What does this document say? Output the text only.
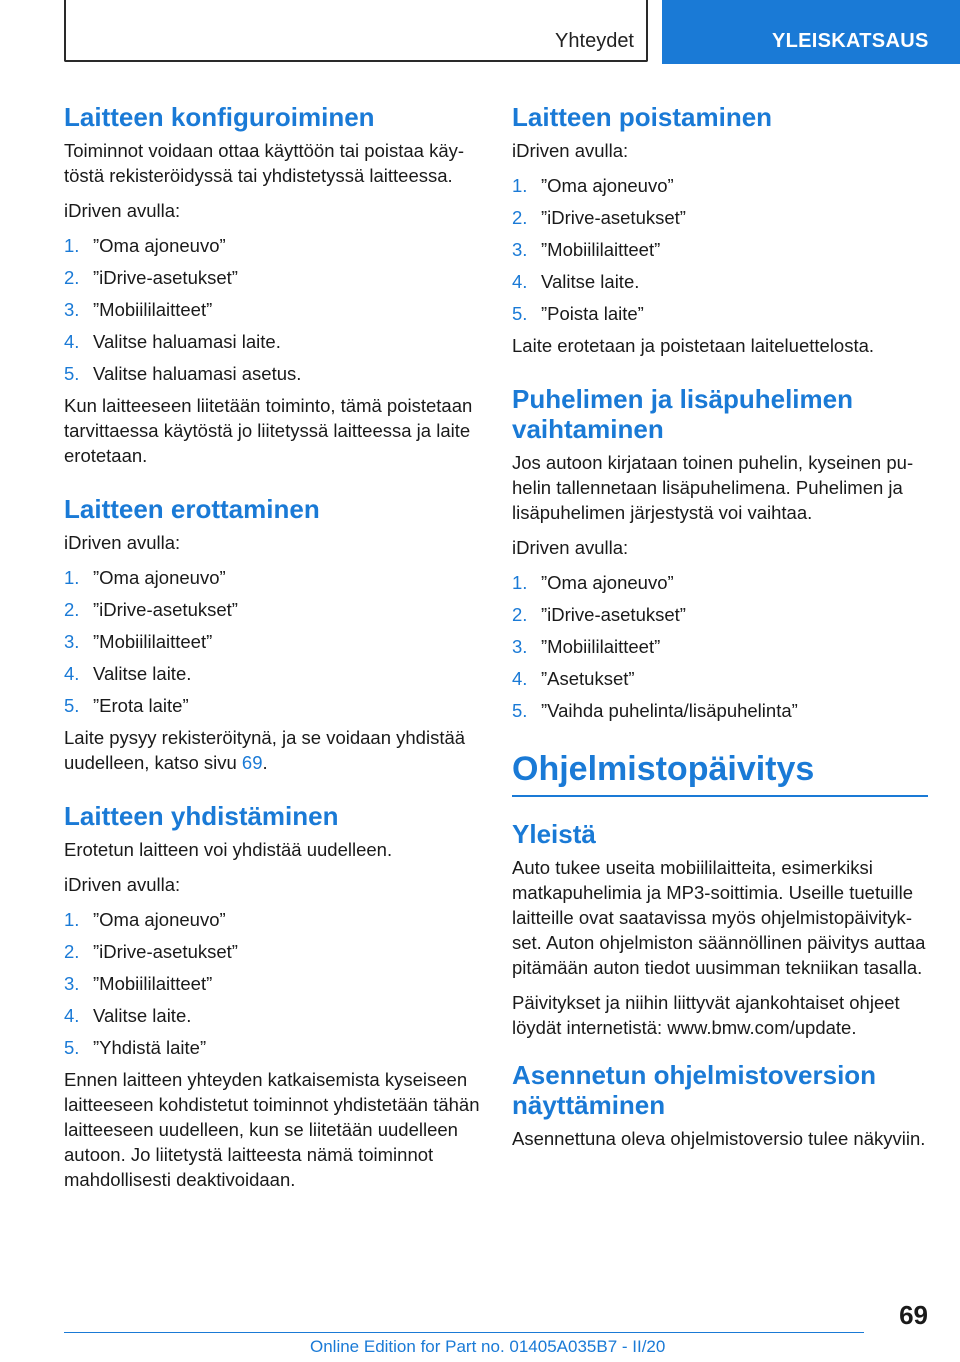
Yhteydet	YLEISKATSAUS
Laitteen konfiguroiminen

Toiminnot voidaan ottaa käyttöön tai poistaa käytöstä rekisteröidyssä tai yhdistetyssä laitteessa.

iDriven avulla:

1. ”Oma ajoneuvo”
2. ”iDrive-asetukset”
3. ”Mobiililaitteet”
4. Valitse haluamasi laite.
5. Valitse haluamasi asetus.

Kun laitteeseen liitetään toiminto, tämä poistetaan tarvittaessa käytöstä jo liitetyssä laitteessa ja laite erotetaan.

Laitteen erottaminen

iDriven avulla:

1. ”Oma ajoneuvo”
2. ”iDrive-asetukset”
3. ”Mobiililaitteet”
4. Valitse laite.
5. ”Erota laite”

Laite pysyy rekisteröitynä, ja se voidaan yhdistää uudelleen, katso sivu 69.

Laitteen yhdistäminen

Erotetun laitteen voi yhdistää uudelleen.

iDriven avulla:

1. ”Oma ajoneuvo”
2. ”iDrive-asetukset”
3. ”Mobiililaitteet”
4. Valitse laite.
5. ”Yhdistä laite”

Ennen laitteen yhteyden katkaisemista kyseiseen laitteeseen kohdistetut toiminnot yhdistetään tähän laitteeseen uudelleen, kun se liitetään uudelleen autoon. Jo liitetystä laitteesta nämä toiminnot mahdollisesti deaktivoidaan.

Laitteen poistaminen

iDriven avulla:

1. ”Oma ajoneuvo”
2. ”iDrive-asetukset”
3. ”Mobiililaitteet”
4. Valitse laite.
5. ”Poista laite”

Laite erotetaan ja poistetaan laiteluettelosta.

Puhelimen ja lisäpuhelimen vaihtaminen

Jos autoon kirjataan toinen puhelin, kyseinen puhelin tallennetaan lisäpuhelimena. Puhelimen ja lisäpuhelimen järjestystä voi vaihtaa.

iDriven avulla:

1. ”Oma ajoneuvo”
2. ”iDrive-asetukset”
3. ”Mobiililaitteet”
4. ”Asetukset”
5. ”Vaihda puhelinta/lisäpuhelinta”
Ohjelmistopäivitys
Yleistä

Auto tukee useita mobiililaitteita, esimerkiksi matkapuhelimia ja MP3-soittimia. Useille tuetuille laitteille ovat saatavissa myös ohjelmistopäivitykset. Auton ohjelmiston säännöllinen päivitys auttaa pitämään auton tiedot uusimman tekniikan tasalla.

Päivitykset ja niihin liittyvät ajankohtaiset ohjeet löydät internetistä: www.bmw.com/update.

Asennetun ohjelmistoversion näyttäminen

Asennettuna oleva ohjelmistoversio tulee näkyviin.

69
Online Edition for Part no. 01405A035B7 - II/20
